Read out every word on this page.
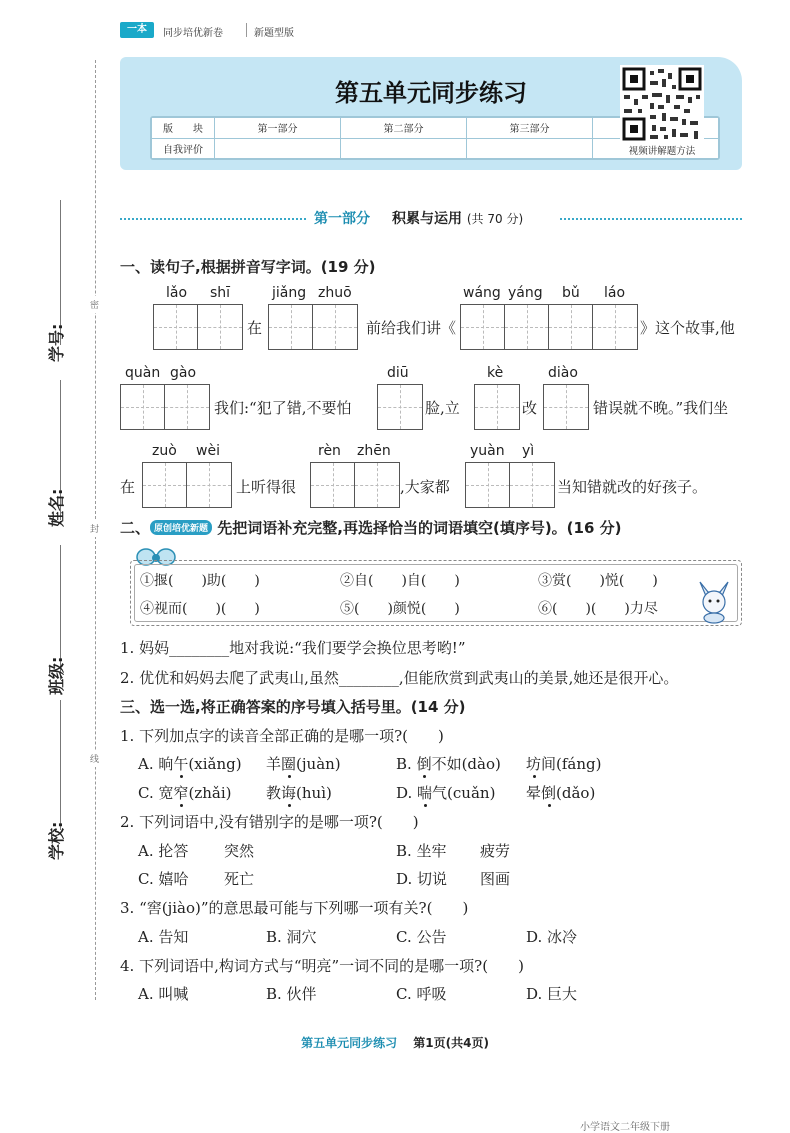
一本	同步培优新卷	新题型版
学号:
姓名:
班级:
学校:
密
封
线
第五单元同步练习
版　　块	第一部分	第二部分	第三部分	
自我评价					视频讲解题方法
第一部分 积累与运用 (共 70 分)
一、读句子,根据拼音写字词。(19 分)
lǎo shī
在
jiǎng zhuō
前给我们讲《
wáng yáng bǔ láo
》这个故事,他
quàn gào
我们:“犯了错,不要怕
diū
脸,立
kè
改
diào
错误就不晚。”我们坐
在
zuò wèi
上听得很
rèn zhēn
,大家都
yuàn yì
当知错就改的好孩子。
二、 原创培优新题 先把词语补充完整,再选择恰当的词语填空(填序号)。(16 分)
①揠(　　)助(　　)	②自(　　)自(　　)	③赏(　　)悦(　　)
④视而(　　)(　　)	⑤(　　)颜悦(　　)	⑥(　　)(　　)力尽
1. 妈妈________地对我说:“我们要学会换位思考哟!”
2. 优优和妈妈去爬了武夷山,虽然________,但能欣赏到武夷山的美景,她还是很开心。
三、选一选,将正确答案的序号填入括号里。(14 分)
1. 下列加点字的读音全部正确的是哪一项?(　　)
A. 晌午(xiǎng) 羊圈(juàn)	B. 倒不如(dào) 坊间(fáng)
C. 宽窄(zhǎi) 教诲(huì)	D. 喘气(cuǎn) 晕倒(dǎo)
2. 下列词语中,没有错别字的是哪一项?(　　)
A. 抡答 突然	B. 坐牢 疲劳
C. 嬉哈 死亡	D. 切说 图画
3. “窖(jiào)”的意思最可能与下列哪一项有关?(　　)
A. 告知	B. 洞穴	C. 公告	D. 冰冷
4. 下列词语中,构词方式与“明亮”一词不同的是哪一项?(　　)
A. 叫喊	B. 伙伴	C. 呼吸	D. 巨大
第五单元同步练习 第1页(共4页)
小学语文二年级下册
